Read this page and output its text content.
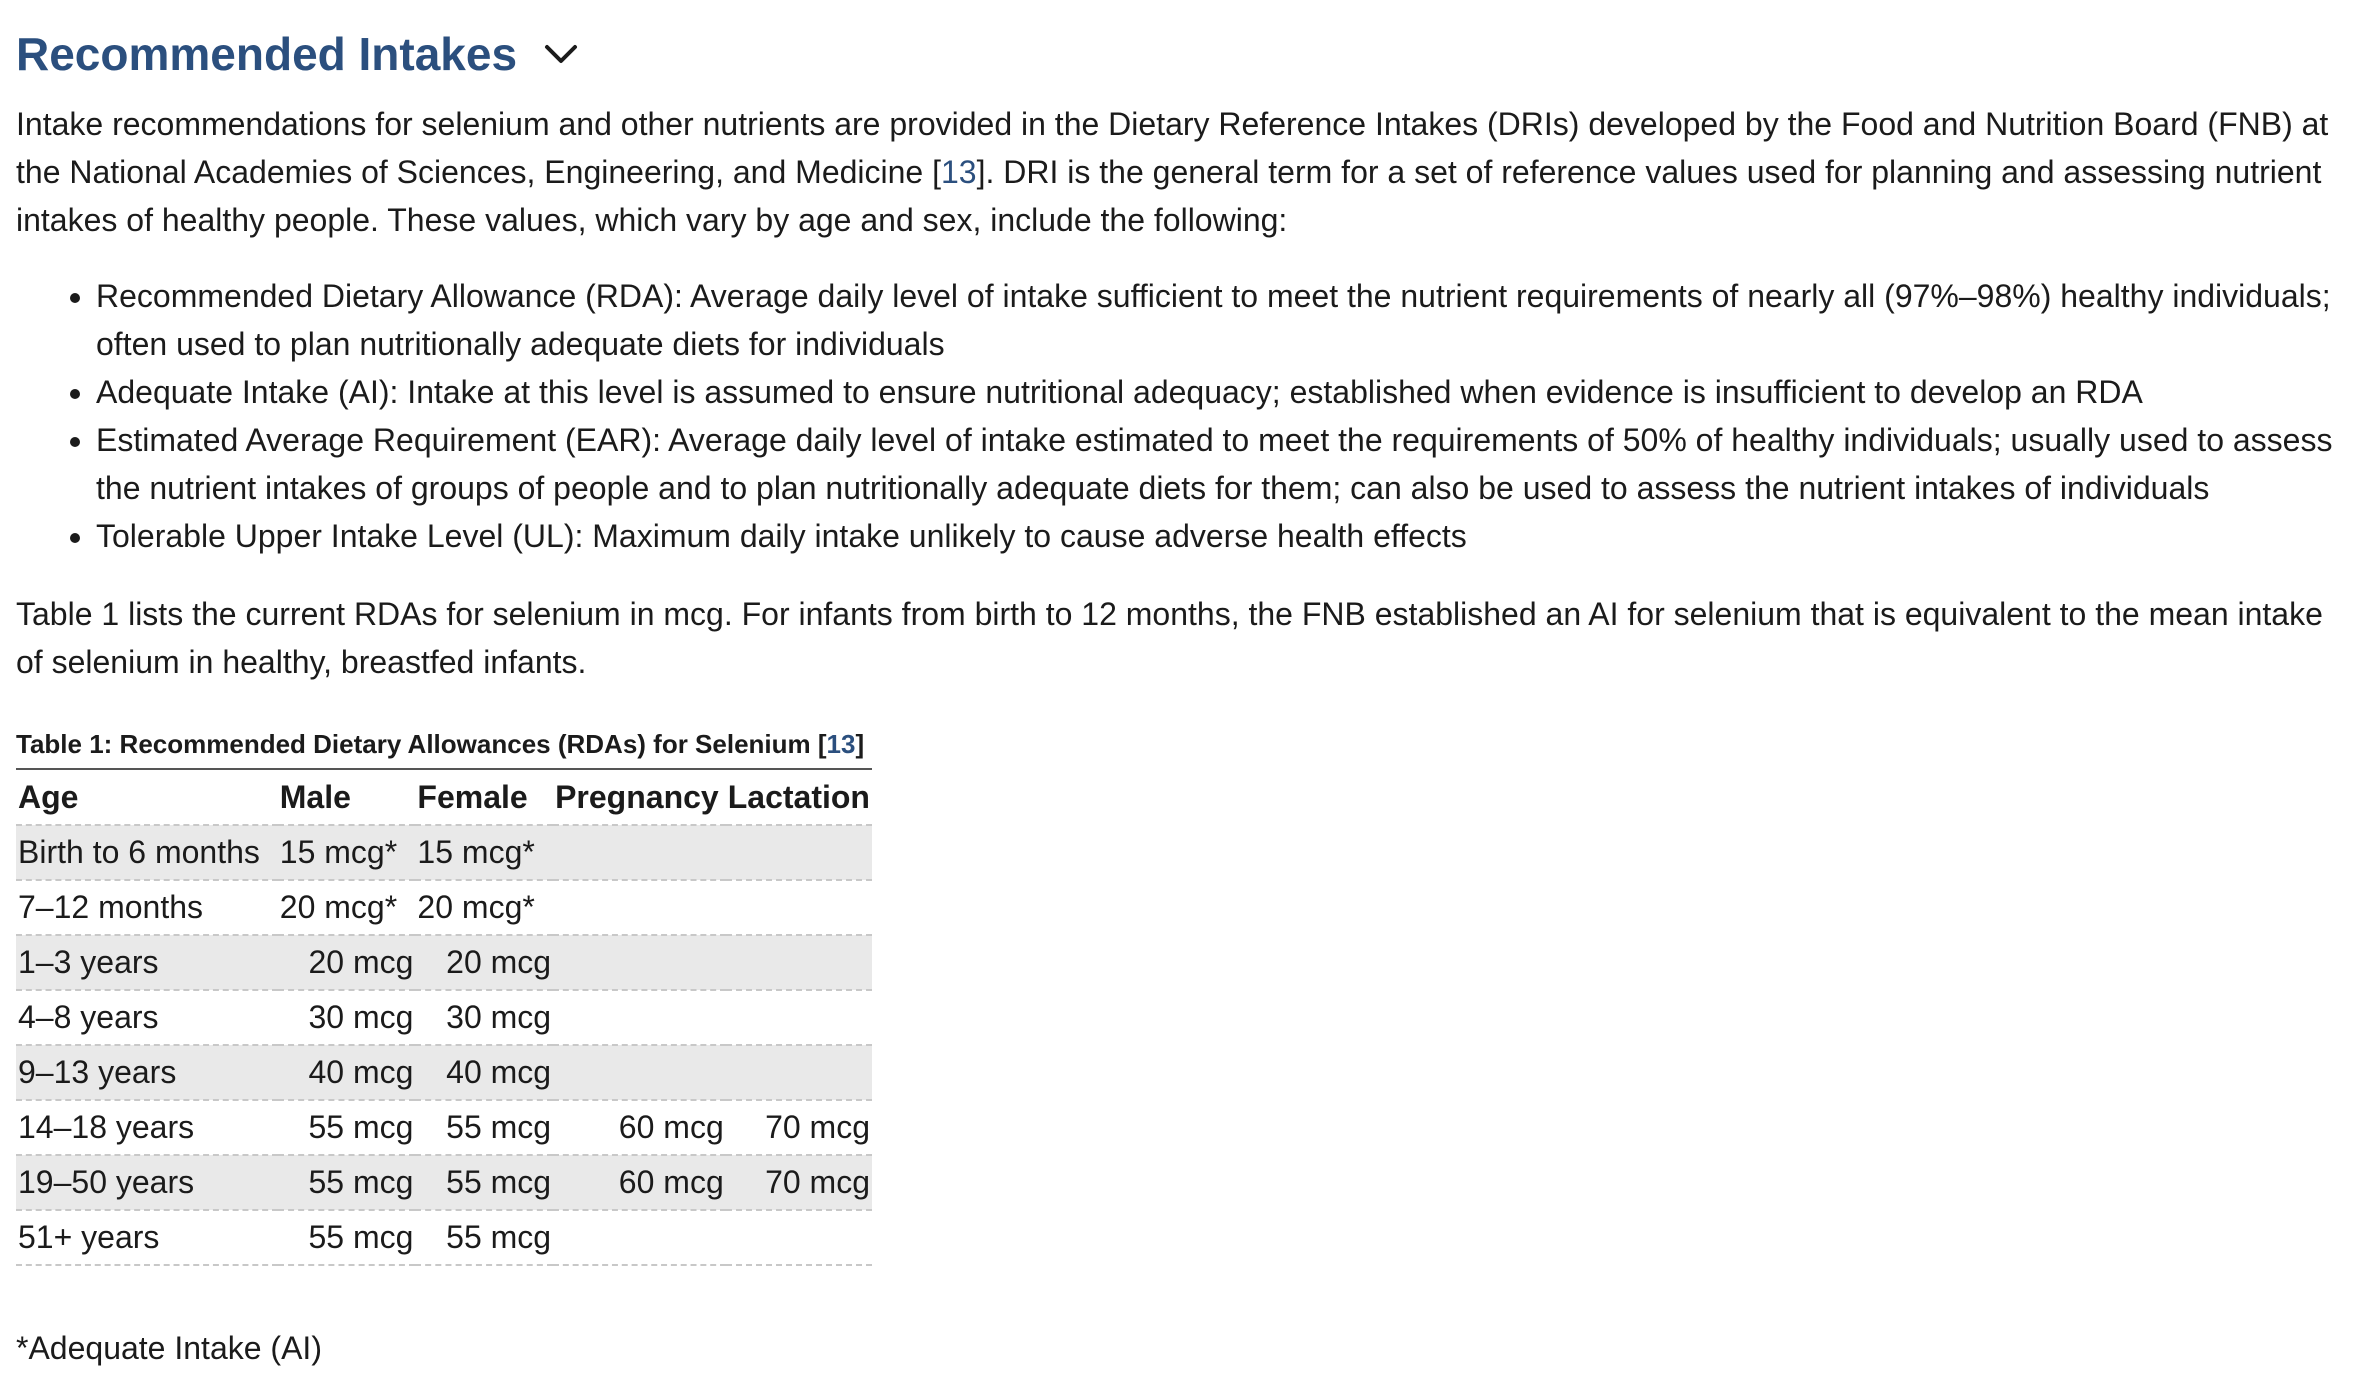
Recommended Intakes

Intake recommendations for selenium and other nutrients are provided in the Dietary Reference Intakes (DRIs) developed by the Food and Nutrition Board (FNB) at the National Academies of Sciences, Engineering, and Medicine [13]. DRI is the general term for a set of reference values used for planning and assessing nutrient intakes of healthy people. These values, which vary by age and sex, include the following:

• Recommended Dietary Allowance (RDA): Average daily level of intake sufficient to meet the nutrient requirements of nearly all (97%–98%) healthy individuals; often used to plan nutritionally adequate diets for individuals
• Adequate Intake (AI): Intake at this level is assumed to ensure nutritional adequacy; established when evidence is insufficient to develop an RDA
• Estimated Average Requirement (EAR): Average daily level of intake estimated to meet the requirements of 50% of healthy individuals; usually used to assess the nutrient intakes of groups of people and to plan nutritionally adequate diets for them; can also be used to assess the nutrient intakes of individuals
• Tolerable Upper Intake Level (UL): Maximum daily intake unlikely to cause adverse health effects

Table 1 lists the current RDAs for selenium in mcg. For infants from birth to 12 months, the FNB established an AI for selenium that is equivalent to the mean intake of selenium in healthy, breastfed infants.

Table 1: Recommended Dietary Allowances (RDAs) for Selenium [13]
Age	Male	Female	Pregnancy	Lactation
Birth to 6 months	15 mcg*	15 mcg*		
7–12 months	20 mcg*	20 mcg*		
1–3 years	20 mcg	20 mcg		
4–8 years	30 mcg	30 mcg		
9–13 years	40 mcg	40 mcg		
14–18 years	55 mcg	55 mcg	60 mcg	70 mcg
19–50 years	55 mcg	55 mcg	60 mcg	70 mcg
51+ years	55 mcg	55 mcg		
*Adequate Intake (AI)
